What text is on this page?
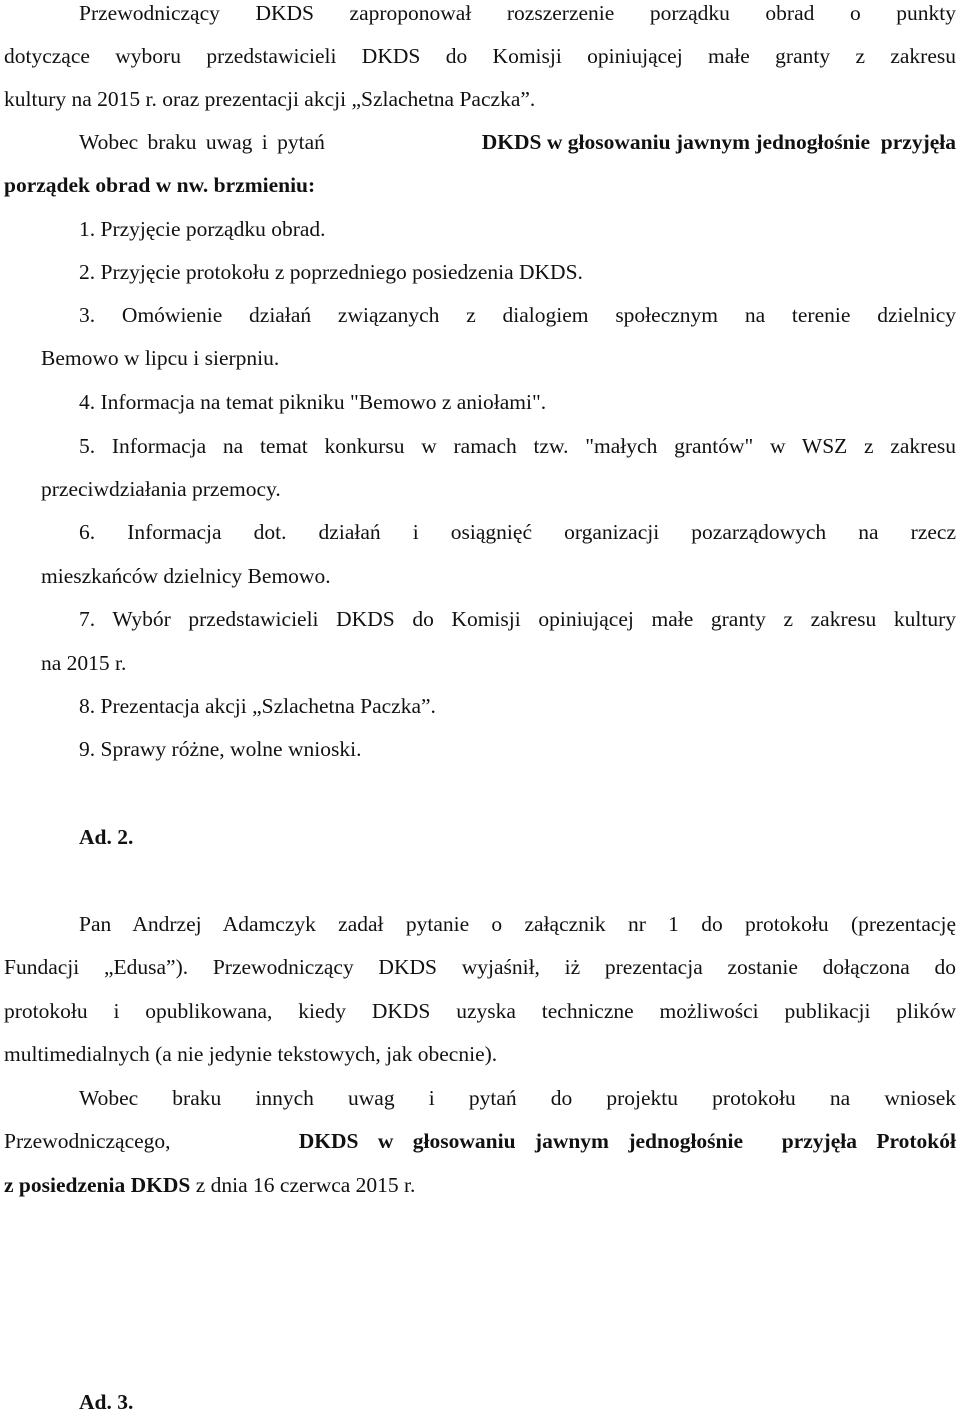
Przewodniczący DKDS zaproponował rozszerzenie porządku obrad o punkty
dotyczące wyboru przedstawicieli DKDS do Komisji opiniującej małe granty z zakresu
kultury na 2015 r. oraz prezentacji akcji „Szlachetna Paczka”.
Wobec braku uwag i pytań	DKDS w głosowaniu jawnym jednogłośnie  przyjęła
porządek obrad w nw. brzmieniu:
1. Przyjęcie porządku obrad.
2. Przyjęcie protokołu z poprzedniego posiedzenia DKDS.
3. Omówienie działań związanych z dialogiem społecznym na terenie dzielnicy
Bemowo w lipcu i sierpniu.
4. Informacja na temat pikniku "Bemowo z aniołami".
5. Informacja na temat konkursu w ramach tzw. "małych grantów" w WSZ z zakresu
przeciwdziałania przemocy.
6. Informacja dot. działań i osiągnięć organizacji pozarządowych na rzecz
mieszkańców dzielnicy Bemowo.
7. Wybór przedstawicieli DKDS do Komisji opiniującej małe granty z zakresu kultury
na 2015 r.
8. Prezentacja akcji „Szlachetna Paczka”.
9. Sprawy różne, wolne wnioski.
Ad. 2.
Pan Andrzej Adamczyk zadał pytanie o załącznik nr 1 do protokołu (prezentację
Fundacji „Edusa”). Przewodniczący DKDS wyjaśnił, iż prezentacja zostanie dołączona do
protokołu i opublikowana, kiedy DKDS uzyska techniczne możliwości publikacji plików
multimedialnych (a nie jedynie tekstowych, jak obecnie).
Wobec braku innych uwag i pytań do projektu protokołu na wniosek
Przewodniczącego,	DKDS w głosowaniu jawnym jednogłośnie  przyjęła Protokół
z posiedzenia DKDS z dnia 16 czerwca 2015 r.
Ad. 3.
